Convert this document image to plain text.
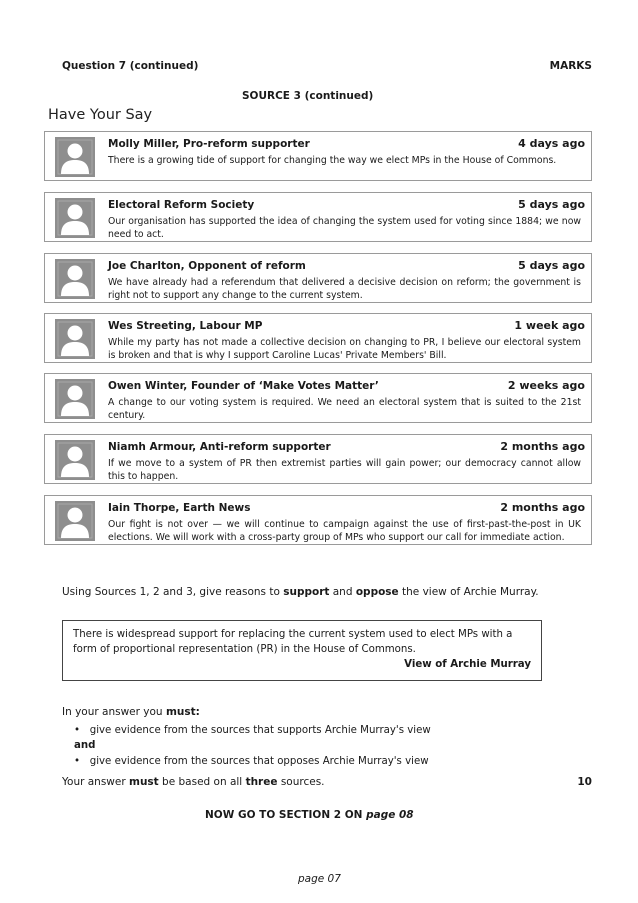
Question 7 (continued)	MARKS
SOURCE 3 (continued)
Have Your Say
Molly Miller, Pro-reform supporter	4 days ago
There is a growing tide of support for changing the way we elect MPs in the House of Commons.
Electoral Reform Society	5 days ago
Our organisation has supported the idea of changing the system used for voting since 1884; we now need to act.
Joe Charlton, Opponent of reform	5 days ago
We have already had a referendum that delivered a decisive decision on reform; the government is right not to support any change to the current system.
Wes Streeting, Labour MP	1 week ago
While my party has not made a collective decision on changing to PR, I believe our electoral system is broken and that is why I support Caroline Lucas' Private Members' Bill.
Owen Winter, Founder of ‘Make Votes Matter’	2 weeks ago
A change to our voting system is required. We need an electoral system that is suited to the 21st century.
Niamh Armour, Anti-reform supporter	2 months ago
If we move to a system of PR then extremist parties will gain power; our democracy cannot allow this to happen.
Iain Thorpe, Earth News	2 months ago
Our fight is not over — we will continue to campaign against the use of first-past-the-post in UK elections. We will work with a cross-party group of MPs who support our call for immediate action.
Using Sources 1, 2 and 3, give reasons to support and oppose the view of Archie Murray.
There is widespread support for replacing the current system used to elect MPs with a form of proportional representation (PR) in the House of Commons.
View of Archie Murray
In your answer you must:
•   give evidence from the sources that supports Archie Murray's view
and
•   give evidence from the sources that opposes Archie Murray's view
Your answer must be based on all three sources.	10
NOW GO TO SECTION 2 ON page 08
page 07
